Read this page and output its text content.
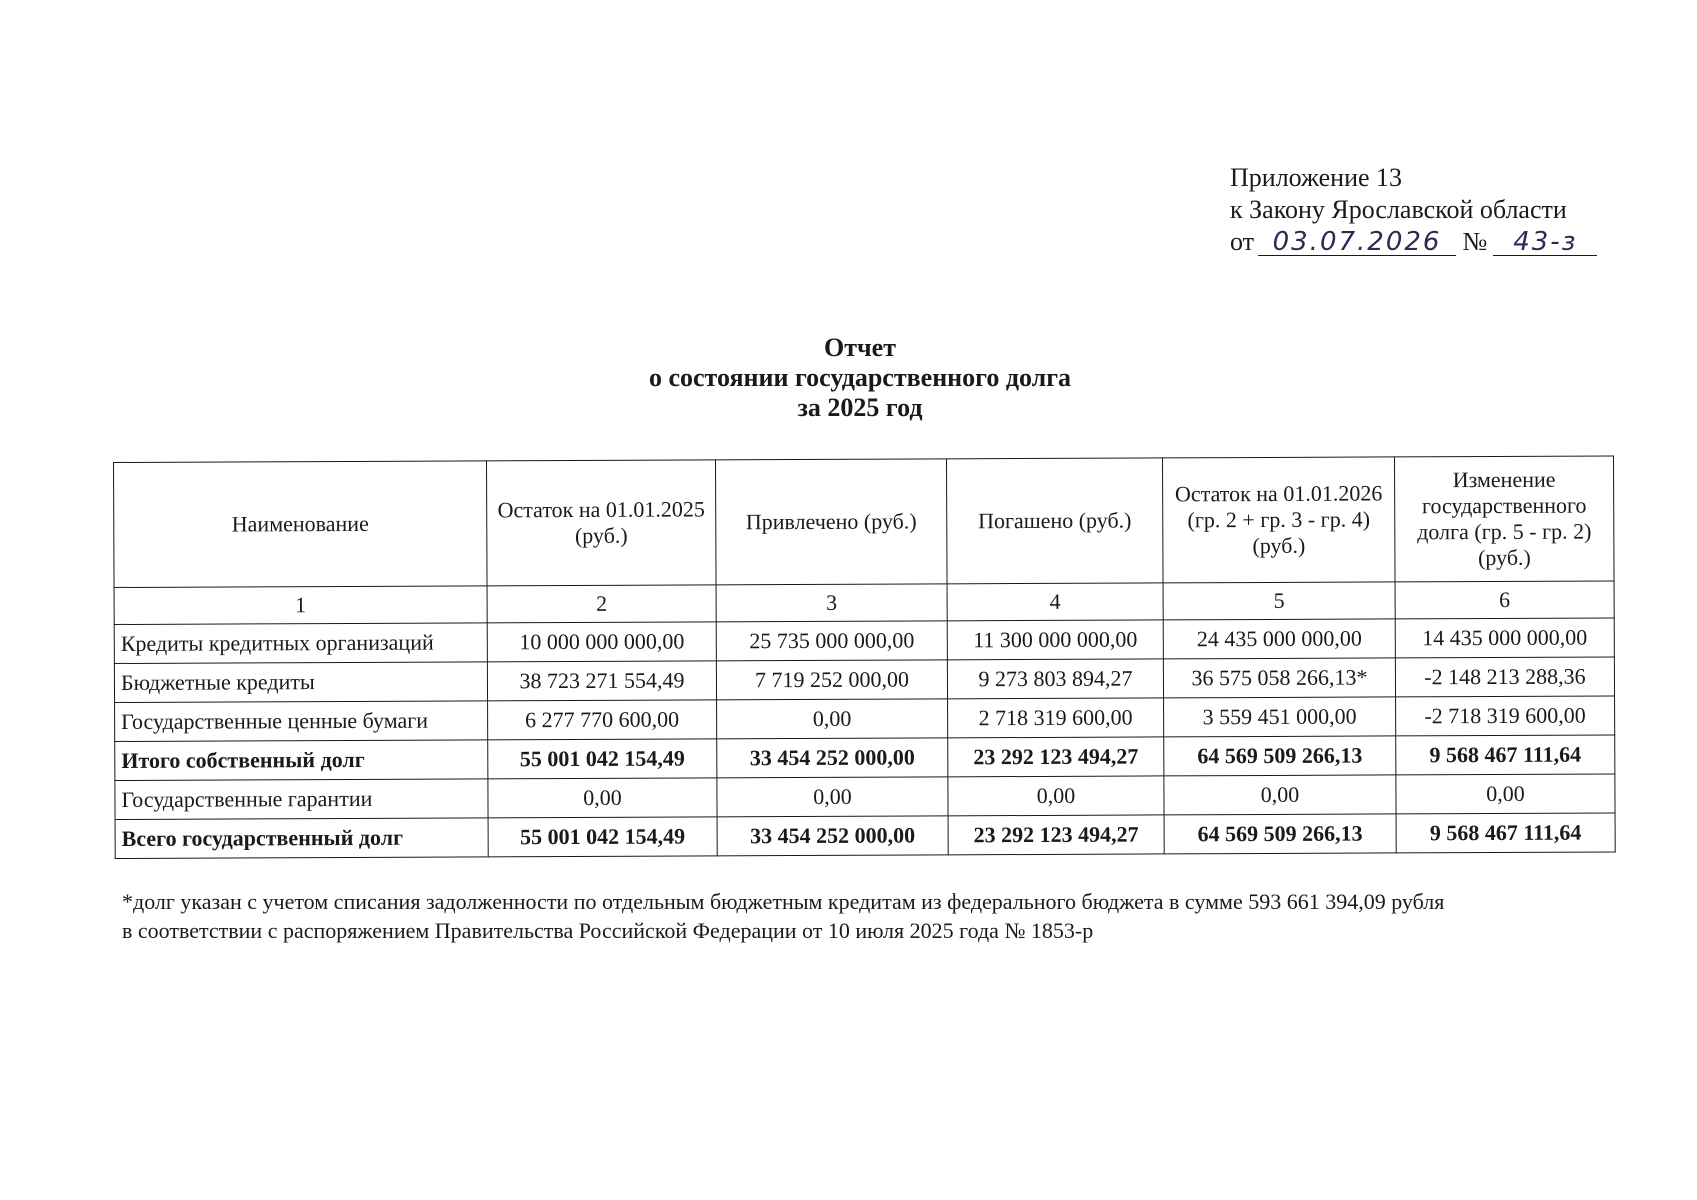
Приложение 13
к Закону Ярославской области
от 03.07.2026 № 43-з
Отчет
о состоянии государственного долга
за 2025 год
Наименование	Остаток на 01.01.2025 (руб.)	Привлечено (руб.)	Погашено (руб.)	Остаток на 01.01.2026 (гр. 2 + гр. 3 - гр. 4) (руб.)	Изменение государственного долга (гр. 5 - гр. 2) (руб.)
1	2	3	4	5	6
Кредиты кредитных организаций	10 000 000 000,00	25 735 000 000,00	11 300 000 000,00	24 435 000 000,00	14 435 000 000,00
Бюджетные кредиты	38 723 271 554,49	7 719 252 000,00	9 273 803 894,27	36 575 058 266,13*	-2 148 213 288,36
Государственные ценные бумаги	6 277 770 600,00	0,00	2 718 319 600,00	3 559 451 000,00	-2 718 319 600,00
Итого собственный долг	55 001 042 154,49	33 454 252 000,00	23 292 123 494,27	64 569 509 266,13	9 568 467 111,64
Государственные гарантии	0,00	0,00	0,00	0,00	0,00
Всего государственный долг	55 001 042 154,49	33 454 252 000,00	23 292 123 494,27	64 569 509 266,13	9 568 467 111,64
*долг указан с учетом списания задолженности по отдельным бюджетным кредитам из федерального бюджета в сумме 593 661 394,09 рубля
в соответствии с распоряжением Правительства Российской Федерации от 10 июля 2025 года № 1853-р
